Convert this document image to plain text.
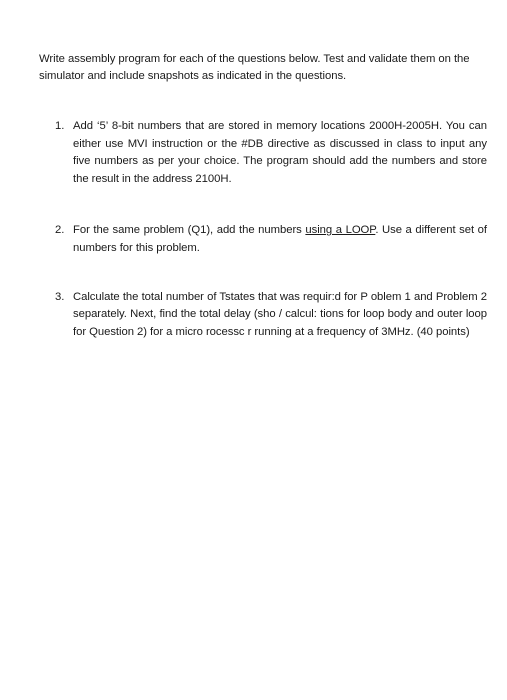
Write assembly program for each of the questions below. Test and validate them on the simulator and include snapshots as indicated in the questions.

1. Add ‘5’ 8-bit numbers that are stored in memory locations 2000H-2005H. You can either use MVI instruction or the #DB directive as discussed in class to input any five numbers as per your choice. The program should add the numbers and store the result in the address 2100H.
2. For the same problem (Q1), add the numbers using a LOOP. Use a different set of numbers for this problem.
3. Calculate the total number of Tstates that was requir:d for P oblem 1 and Problem 2 separately. Next, find the total delay (sho / calcul: tions for loop body and outer loop for Question 2) for a micro rocessc r running at a frequency of 3MHz. (40 points)
